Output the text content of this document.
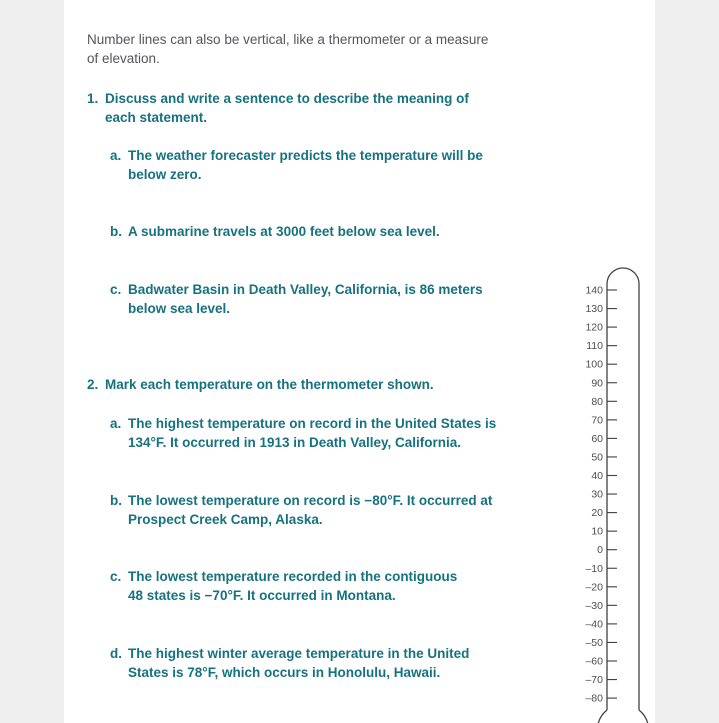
Number lines can also be vertical, like a thermometer or a measure
of elevation.
1. Discuss and write a sentence to describe the meaning of
each statement.
a. The weather forecaster predicts the temperature will be
below zero.
b. A submarine travels at 3000 feet below sea level.
c. Badwater Basin in Death Valley, California, is 86 meters
below sea level.
2. Mark each temperature on the thermometer shown.
a. The highest temperature on record in the United States is
134°F. It occurred in 1913 in Death Valley, California.
b. The lowest temperature on record is −80°F. It occurred at
Prospect Creek Camp, Alaska.
c. The lowest temperature recorded in the contiguous
48 states is −70°F. It occurred in Montana.
d. The highest winter average temperature in the United
States is 78°F, which occurs in Honolulu, Hawaii.
140
130
120
110
100
90
80
70
60
50
40
30
20
10
0
–10
–20
–30
–40
–50
–60
–70
–80
